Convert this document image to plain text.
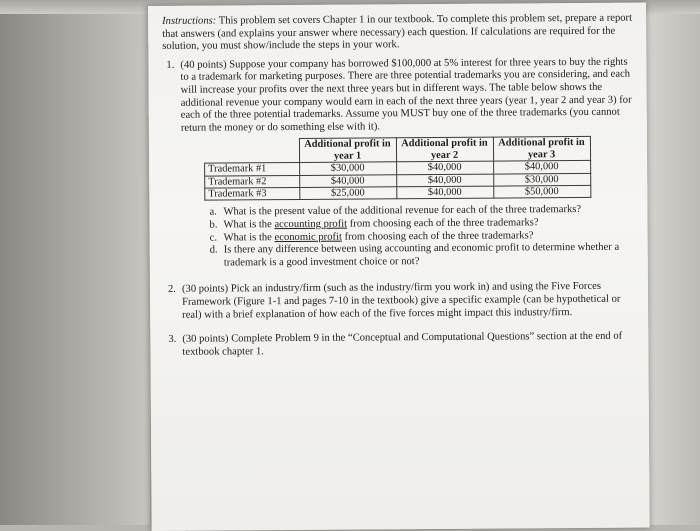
Instructions: This problem set covers Chapter 1 in our textbook. To complete this problem set, prepare a report that answers (and explains your answer where necessary) each question. If calculations are required for the solution, you must show/include the steps in your work.

1. (40 points) Suppose your company has borrowed $100,000 at 5% interest for three years to buy the rights to a trademark for marketing purposes. There are three potential trademarks you are considering, and each will increase your profits over the next three years but in different ways. The table below shows the additional revenue your company would earn in each of the next three years (year 1, year 2 and year 3) for each of the three potential trademarks. Assume you MUST buy one of the three trademarks (you cannot return the money or do something else with it).

	Additional profit in year 1	Additional profit in year 2	Additional profit in year 3
Trademark #1	$30,000	$40,000	$40,000
Trademark #2	$40,000	$40,000	$30,000
Trademark #3	$25,000	$40,000	$50,000
a. What is the present value of the additional revenue for each of the three trademarks?
b. What is the accounting profit from choosing each of the three trademarks?
c. What is the economic profit from choosing each of the three trademarks?
d. Is there any difference between using accounting and economic profit to determine whether a trademark is a good investment choice or not?
2. (30 points) Pick an industry/firm (such as the industry/firm you work in) and using the Five Forces Framework (Figure 1-1 and pages 7-10 in the textbook) give a specific example (can be hypothetical or real) with a brief explanation of how each of the five forces might impact this industry/firm.

3. (30 points) Complete Problem 9 in the “Conceptual and Computational Questions” section at the end of textbook chapter 1.
